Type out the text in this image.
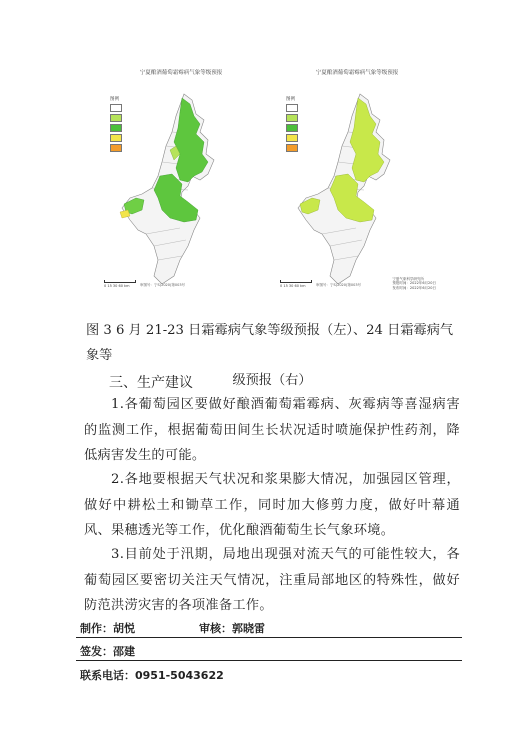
宁夏酿酒葡萄霜霉病气象等级预报
图例
0 15 30 60 km	审图号：宁S(2020)第003号
宁夏酿酒葡萄霜霉病气象等级预报
图例
0 15 30 60 km	审图号：宁S(2020)第003号
宁夏气象科学研究所
预报时间：2022年6月20日
发布时间：2022年6月20日
图 3 6 月 21-23 日霜霉病气象等级预报（左）、24 日霜霉病气象等
级预报（右）
三、生产建议
1.各葡萄园区要做好酿酒葡萄霜霉病、灰霉病等喜湿病害的监测工作，根据葡萄田间生长状况适时喷施保护性药剂，降低病害发生的可能。
2.各地要根据天气状况和浆果膨大情况，加强园区管理，做好中耕松土和锄草工作，同时加大修剪力度，做好叶幕通风、果穗透光等工作，优化酿酒葡萄生长气象环境。
3.目前处于汛期，局地出现强对流天气的可能性较大，各葡萄园区要密切关注天气情况，注重局部地区的特殊性，做好防范洪涝灾害的各项准备工作。
制作：胡悦	审核：郭晓雷
签发：邵建
联系电话：0951-5043622
